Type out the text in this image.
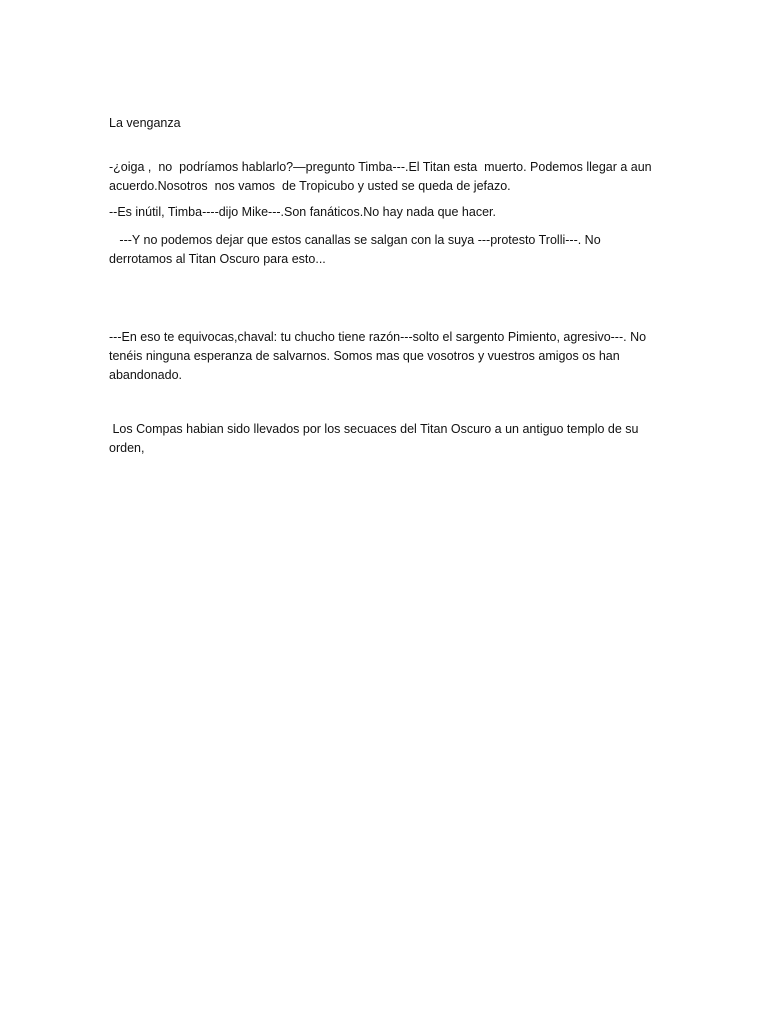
La venganza

-¿oiga ,  no  podríamos hablarlo?—pregunto Timba---.El Titan esta  muerto. Podemos llegar a aun acuerdo.Nosotros  nos vamos  de Tropicubo y usted se queda de jefazo.

--Es inútil, Timba----dijo Mike---.Son fanáticos.No hay nada que hacer.

---Y no podemos dejar que estos canallas se salgan con la suya ---protesto Trolli---. No derrotamos al Titan Oscuro para esto...

---En eso te equivocas,chaval: tu chucho tiene razón---solto el sargento Pimiento, agresivo---. No tenéis ninguna esperanza de salvarnos. Somos mas que vosotros y vuestros amigos os han abandonado.

Los Compas habian sido llevados por los secuaces del Titan Oscuro a un antiguo templo de su orden,
